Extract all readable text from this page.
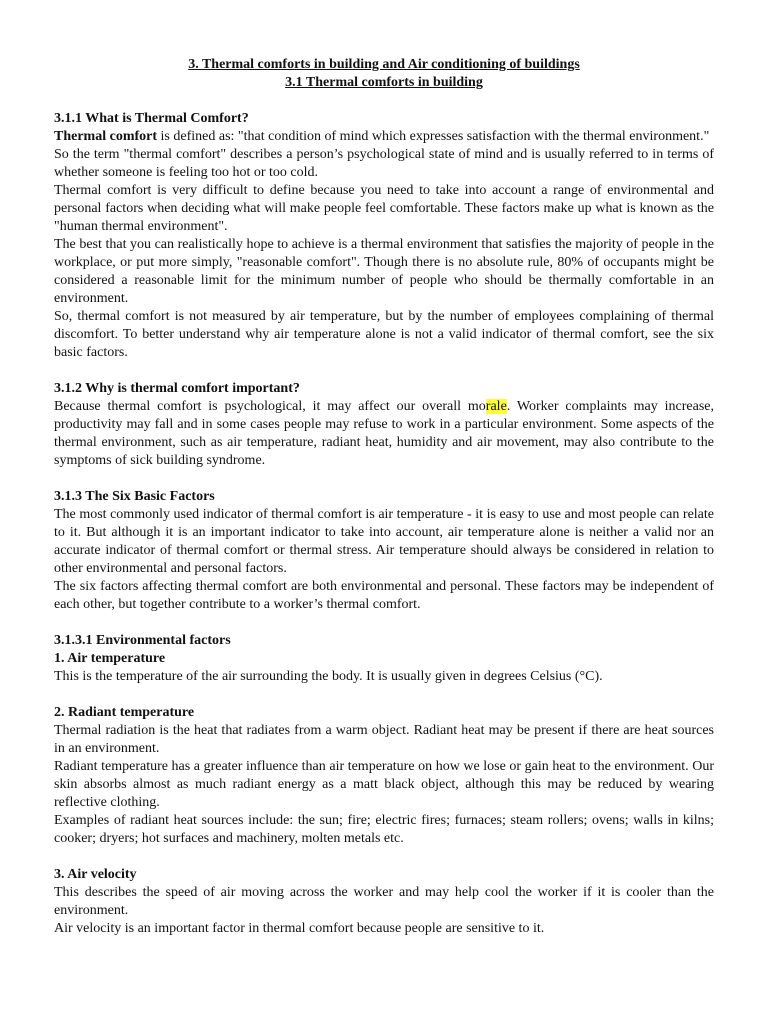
3. Thermal comforts in building and Air conditioning of buildings

3.1 Thermal comforts in building

3.1.1 What is Thermal Comfort?

Thermal comfort is defined as: "that condition of mind which expresses satisfaction with the thermal environment."

So the term "thermal comfort" describes a person’s psychological state of mind and is usually referred to in terms of whether someone is feeling too hot or too cold.

Thermal comfort is very difficult to define because you need to take into account a range of environmental and personal factors when deciding what will make people feel comfortable. These factors make up what is known as the "human thermal environment".

The best that you can realistically hope to achieve is a thermal environment that satisfies the majority of people in the workplace, or put more simply, "reasonable comfort". Though there is no absolute rule, 80% of occupants might be considered a reasonable limit for the minimum number of people who should be thermally comfortable in an environment.

So, thermal comfort is not measured by air temperature, but by the number of employees complaining of thermal discomfort. To better understand why air temperature alone is not a valid indicator of thermal comfort, see the six basic factors.

3.1.2 Why is thermal comfort important?

Because thermal comfort is psychological, it may affect our overall morale. Worker complaints may increase, productivity may fall and in some cases people may refuse to work in a particular environment. Some aspects of the thermal environment, such as air temperature, radiant heat, humidity and air movement, may also contribute to the symptoms of sick building syndrome.

3.1.3 The Six Basic Factors

The most commonly used indicator of thermal comfort is air temperature - it is easy to use and most people can relate to it. But although it is an important indicator to take into account, air temperature alone is neither a valid nor an accurate indicator of thermal comfort or thermal stress. Air temperature should always be considered in relation to other environmental and personal factors.

The six factors affecting thermal comfort are both environmental and personal. These factors may be independent of each other, but together contribute to a worker’s thermal comfort.

3.1.3.1 Environmental factors

1. Air temperature

This is the temperature of the air surrounding the body. It is usually given in degrees Celsius (°C).

2. Radiant temperature

Thermal radiation is the heat that radiates from a warm object. Radiant heat may be present if there are heat sources in an environment.

Radiant temperature has a greater influence than air temperature on how we lose or gain heat to the environment. Our skin absorbs almost as much radiant energy as a matt black object, although this may be reduced by wearing reflective clothing.

Examples of radiant heat sources include: the sun; fire; electric fires; furnaces; steam rollers; ovens; walls in kilns; cooker; dryers; hot surfaces and machinery, molten metals etc.

3. Air velocity

This describes the speed of air moving across the worker and may help cool the worker if it is cooler than the environment.

Air velocity is an important factor in thermal comfort because people are sensitive to it.
